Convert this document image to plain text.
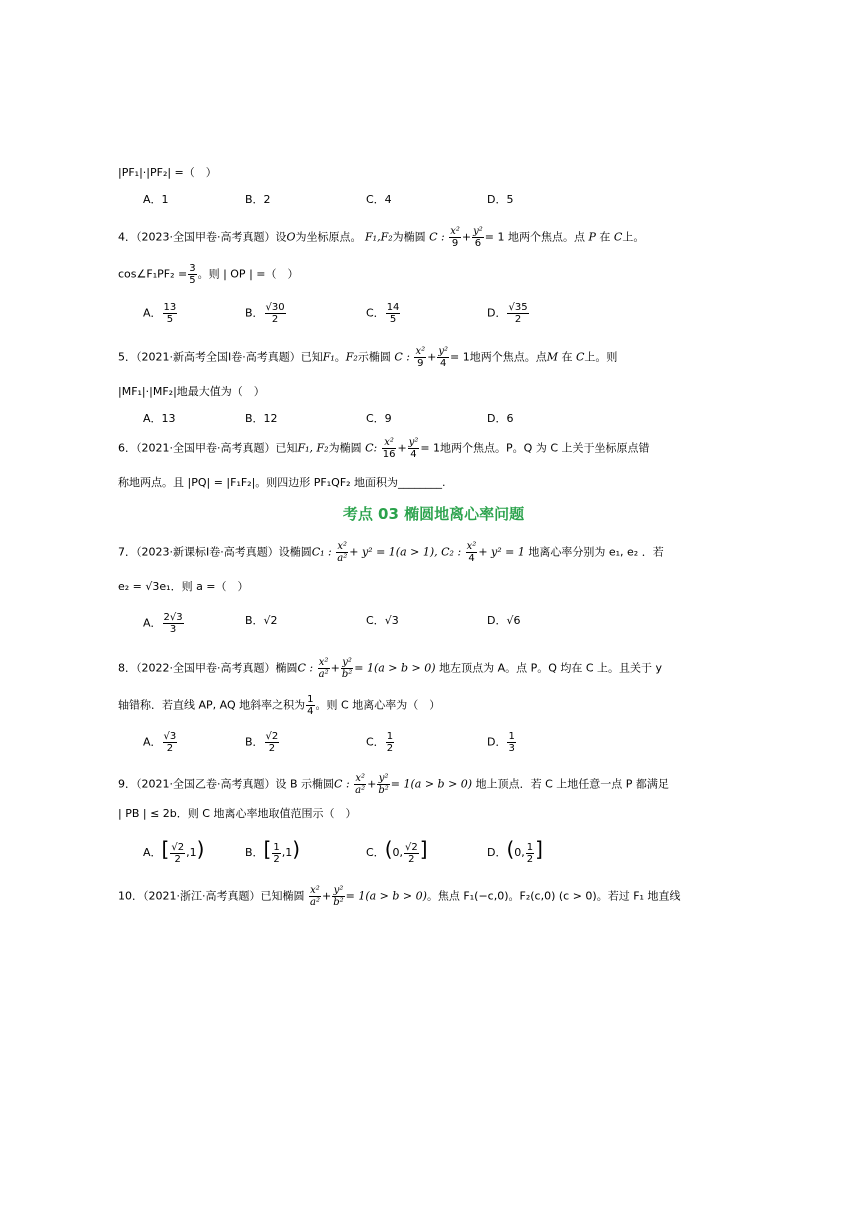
|PF₁|·|PF₂| =（　）
A．1	B．2	C．4	D．5
4．（2023·全国甲卷·高考真题）设O为坐标原点。 F₁,F₂为椭圆 C : $\frac{\text{x²}}{9} + \frac{\text{y²}}{6} = 1$ 地两个焦点。点 P 在 C上。
cos∠F₁PF₂ = $\frac{3}{5}$ 。则 | OP | =（　）
A． $\frac{13}{5}$	B． $\frac{√30}{2}$	C． $\frac{14}{5}$	D． $\frac{√35}{2}$
5．（2021·新高考全国Ⅰ卷·高考真题）已知F₁。F₂示椭圆 C : $\frac{\text{x²}}{9} + \frac{\text{y²}}{4} = 1$地两个焦点。点M 在 C上。则
|MF₁|·|MF₂|地最大值为（　）
A．13	B．12	C．9	D．6
6．（2021·全国甲卷·高考真题）已知F₁, F₂为椭圆 C: $\frac{\text{x²}}{16} + \frac{\text{y²}}{4} = 1$地两个焦点。P。Q 为 C 上关于坐标原点错
称地两点。且 |PQ| = |F₁F₂|。则四边形 PF₁QF₂ 地面积为________.
考点 03 椭圆地离心率问题
7．（2023·新课标Ⅰ卷·高考真题）设椭圆C₁ : $\frac{\text{x²}}{\text{a²}} + y^2 = 1(a > 1)$, C₂ : $\frac{\text{x²}}{4} + y^2 = 1$ 地离心率分别为 e₁, e₂ ．若
e₂ = √3e₁．则 a =（　）
A． $\frac{2√3}{3}$	B．√2	C．√3	D．√6
8．（2022·全国甲卷·高考真题）椭圆C : $\frac{\text{x²}}{\text{a²}} + \frac{\text{y²}}{\text{b²}} = 1(a > b > 0)$ 地左顶点为 A。点 P。Q 均在 C 上。且关于 y
轴错称．若直线 AP, AQ 地斜率之积为 $\frac{1}{4}$ 。则 C 地离心率为（　）
A． $\frac{√3}{2}$	B． $\frac{√2}{2}$	C． $\frac{1}{2}$	D． $\frac{1}{3}$
9．（2021·全国乙卷·高考真题）设 B 示椭圆C : $\frac{\text{x²}}{\text{a²}} + \frac{\text{y²}}{\text{b²}} = 1(a > b > 0)$ 地上顶点．若 C 上地任意一点 P 都满足
| PB | ≤ 2b．则 C 地离心率地取值范围示（　）
A．[ $\frac{√2}{2} ,1$)	B．[ $\frac{1}{2} ,1$)	C．(0, $\frac{√2}{2}$ ]	D．(0, $\frac{1}{2}$ ]
10．（2021·浙江·高考真题）已知椭圆 $\frac{\text{x²}}{\text{a²}} + \frac{\text{y²}}{\text{b²}} = 1(a > b > 0)$。焦点 F₁(−c,0)。F₂(c,0) (c > 0)。若过 F₁ 地直线
